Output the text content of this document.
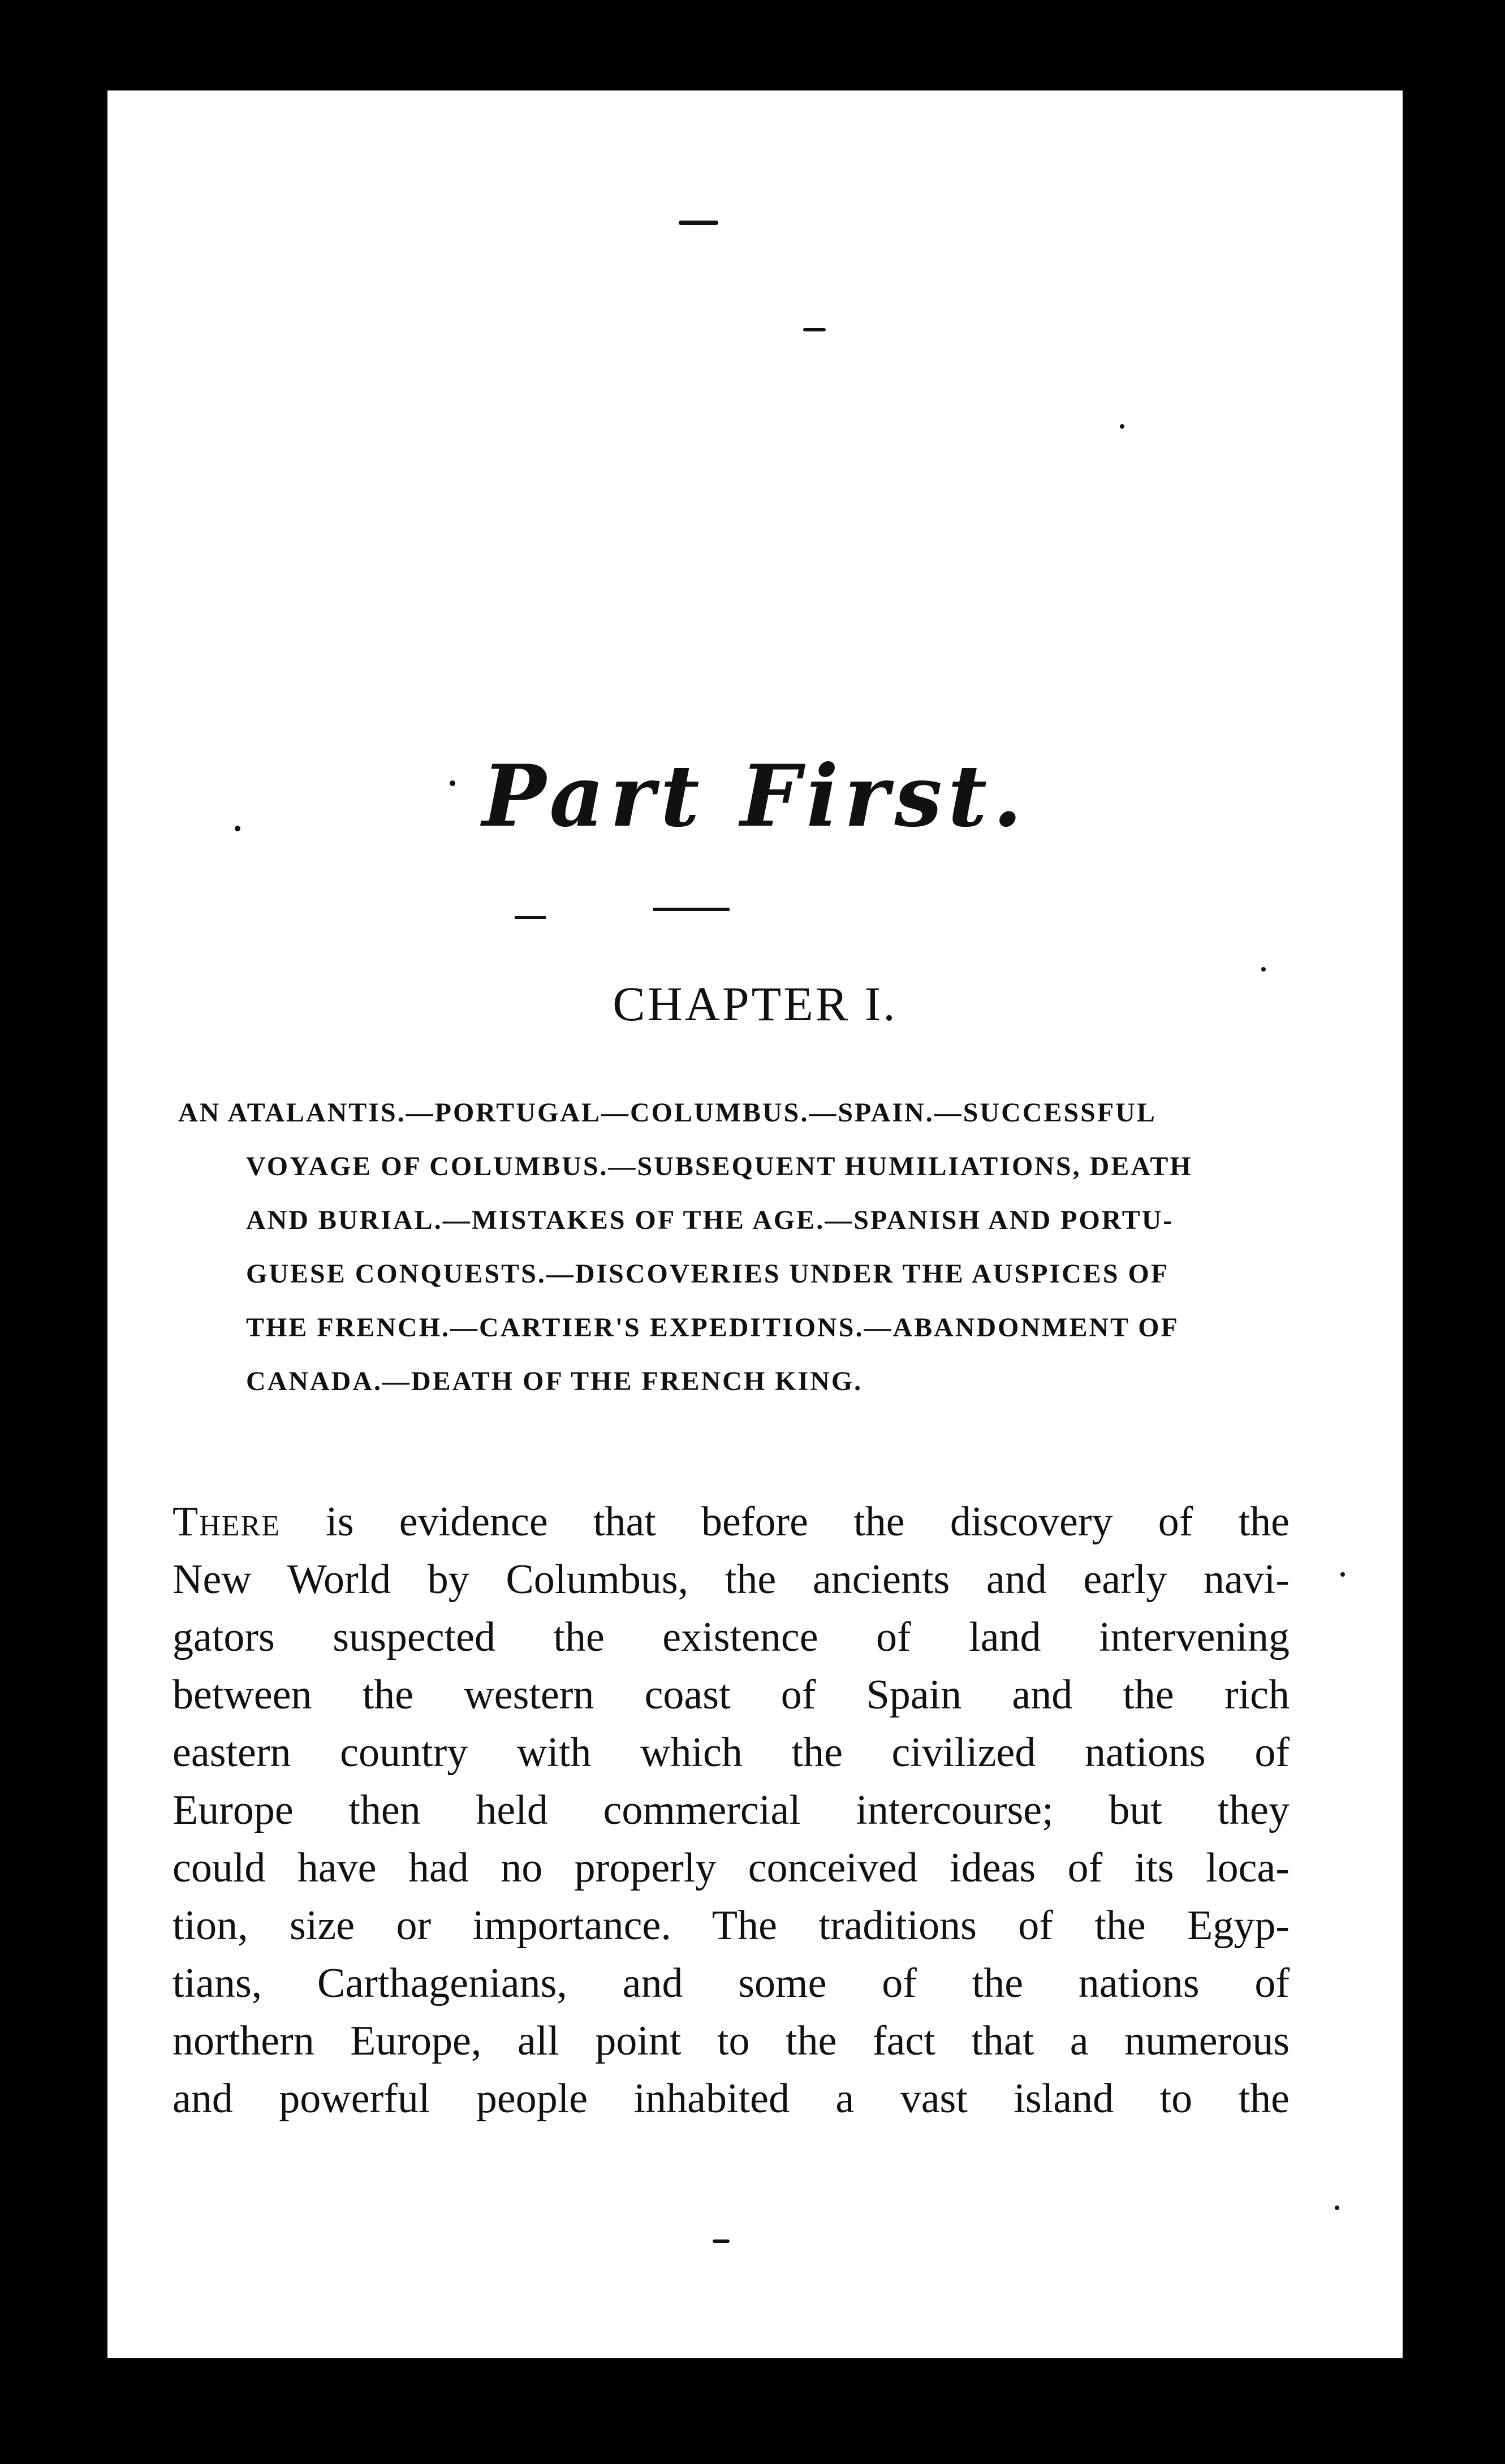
Part First.
CHAPTER I.
AN ATALANTIS.—PORTUGAL—COLUMBUS.—SPAIN.—SUCCESSFUL
VOYAGE OF COLUMBUS.—SUBSEQUENT HUMILIATIONS, DEATH
AND BURIAL.—MISTAKES OF THE AGE.—SPANISH AND PORTU-
GUESE CONQUESTS.—DISCOVERIES UNDER THE AUSPICES OF
THE FRENCH.—CARTIER'S EXPEDITIONS.—ABANDONMENT OF
CANADA.—DEATH OF THE FRENCH KING.
There is evidence that before the discovery of the
New World by Columbus, the ancients and early navi-
gators suspected the existence of land intervening
between the western coast of Spain and the rich
eastern country with which the civilized nations of
Europe then held commercial intercourse; but they
could have had no properly conceived ideas of its loca-
tion, size or importance. The traditions of the Egyp-
tians, Carthagenians, and some of the nations of
northern Europe, all point to the fact that a numerous
and powerful people inhabited a vast island to the
